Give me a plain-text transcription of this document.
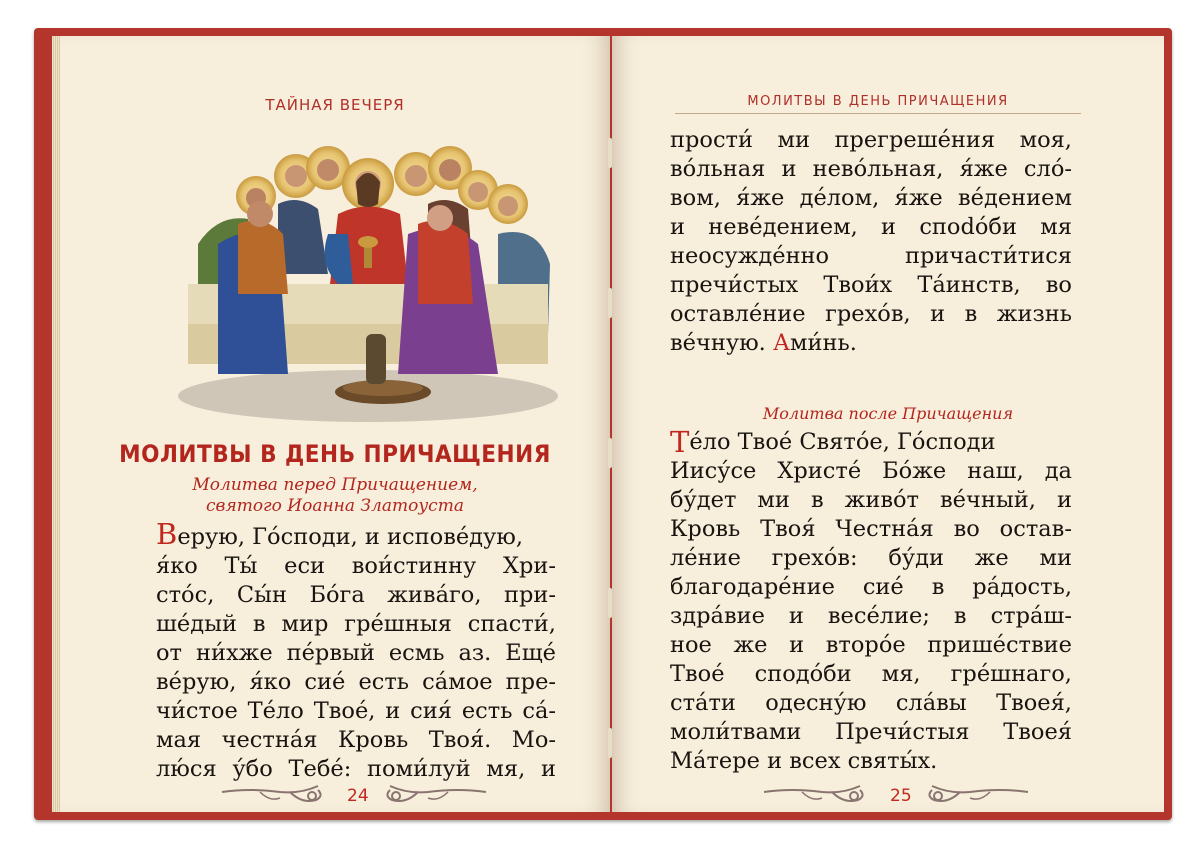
ТАЙНАЯ ВЕЧЕРЯ
МОЛИТВЫ В ДЕНЬ ПРИЧАЩЕНИЯ
Молитва перед Причащением,
святого Иоанна Златоуста
Верую, Го́споди, и испове́дую,
я́ко Ты́ еси вои́стинну Хри-
сто́с, Сы́н Бо́га жива́го, при-
ше́дый в мир гре́шныя спасти́,
от ни́хже пе́рвый есмь аз. Еще́
ве́рую, я́ко сие́ есть са́мое пре-
чи́стое Те́ло Твое́, и сия́ есть са́-
мая честна́я Кровь Твоя́. Мо-
лю́ся у́бо Тебе́: поми́луй мя, и
24
МОЛИТВЫ В ДЕНЬ ПРИЧАЩЕНИЯ
прости́ ми прегреше́ния моя,
во́льная и нево́льная, я́же сло́-
вом, я́же де́лом, я́же ве́дением
и неве́дением, и спodо́би мя
неосужде́нно	причасти́тися
пречи́стых Твои́х Та́инств, во
оставле́ние грехо́в, и в жизнь
ве́чную.
А ми́нь.
Молитва после Причащения
Т е́ло Твое́ Свято́е, Го́споди
Иису́се Христе́ Бо́же наш, да
бу́дет ми в живо́т ве́чный, и
Кровь Твоя́ Честна́я во остав-
ле́ние грехо́в: бу́ди же ми
благодаре́ние сие́ в ра́дость,
здра́вие и весе́лие; в стра́ш-
ное же и второ́е прише́ствие
Твое́ сподо́би мя, гре́шнаго,
ста́ти одесну́ю сла́вы Твоея́,
моли́твами Пречи́стыя Твоея́
Ма́тере и всех святы́х.
25
